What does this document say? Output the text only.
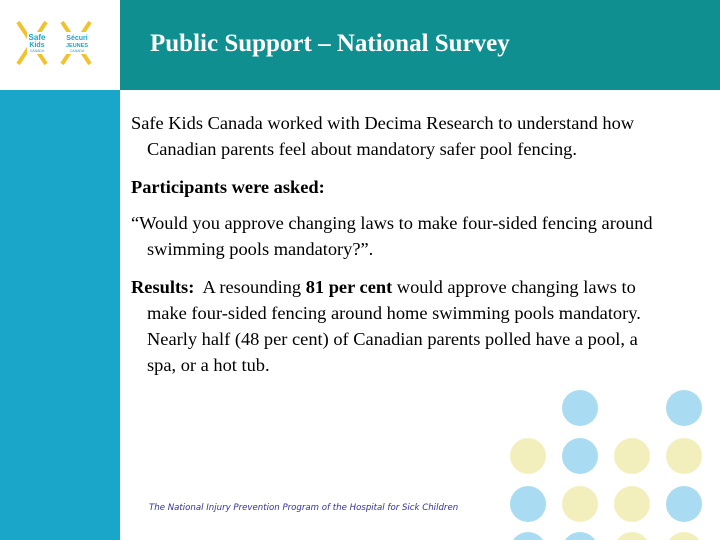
Safe
Kids
CANADA
Sécuri
JEUNES
CANADA	Public Support – National Survey

Safe Kids Canada worked with Decima Research to understand how Canadian parents feel about mandatory safer pool fencing.

Participants were asked:

“Would you approve changing laws to make four-sided fencing around swimming pools mandatory?”.

Results:  A resounding 81 per cent would approve changing laws to make four-sided fencing around home swimming pools mandatory.   Nearly half (48 per cent) of Canadian parents polled have a pool, a spa, or a hot tub.

The National Injury Prevention Program of the Hospital for Sick Children
